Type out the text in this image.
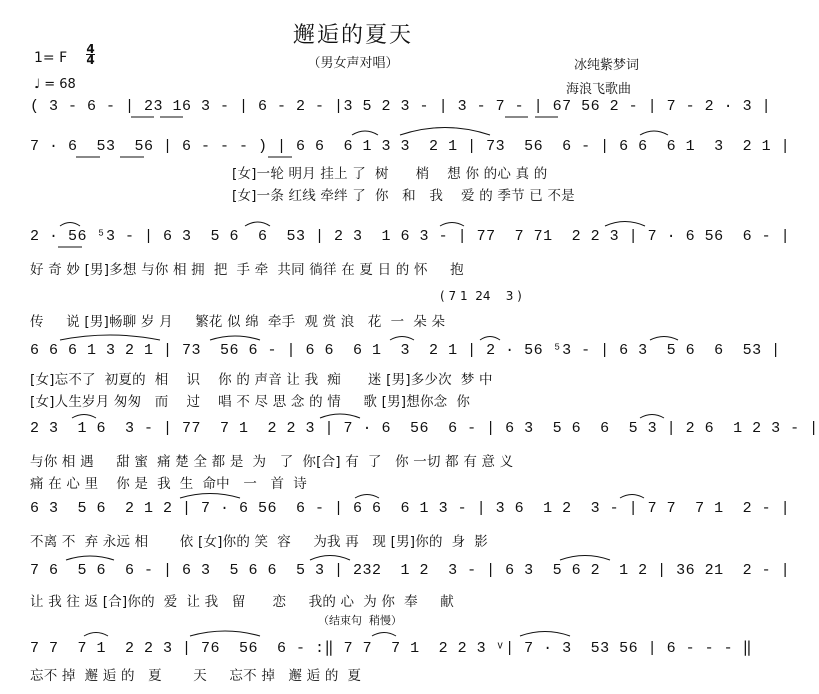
邂逅的夏天
（男女声对唱）
1= F
4
4
♩ = 68
冰纯紫梦词
海浪飞歌曲
( 3 - 6 - | 23 16 3 - | 6 - 2 - |3 5 2 3 - | 3 - 7 - | 67 56 2 - | 7 - 2 · 3 |
7 · 6  53  56 | 6 - - - ) | 6 6  6 1 3 3  2 1 | 73  56  6 - | 6 6  6 1  3  2 1 |
[女]一轮 明月 挂上 了  树      梢    想 你 的心 真 的
[女]一条 红线 牵绊 了  你   和   我    爱 的 季节 已 不是
2 · 56 ⁵3 - | 6 3  5 6  6  53 | 2 3  1 6 3 - | 77  7 71  2 2 3 | 7 · 6 56  6 - |
好 奇 妙 [男]多想 与你 相 拥  把  手 牵  共同 徜徉 在 夏 日 的 怀     抱
( 7 1  24    3 )
传     说 [男]畅聊 岁 月     繁花 似 绵  牵手  观 赏 浪   花  一  朵 朵
6 6 6 1 3 2 1 | 73  56 6 - | 6 6  6 1  3  2 1 | 2 · 56 ⁵3 - | 6 3  5 6  6  53 |
[女]忘不了  初夏的  相    识    你 的 声音 让 我  痴      迷 [男]多少次  梦 中
[女]人生岁月 匆匆   而    过    唱 不 尽 思 念 的 情     歌 [男]想你念  你
2 3  1 6  3 - | 77  7 1  2 2 3 | 7 · 6  56  6 - | 6 3  5 6  6  5 3 | 2 6  1 2 3 - |
与你 相 遇     甜 蜜  痛 楚 全 都 是  为   了  你[合] 有  了   你 一切 都 有 意 义
痛 在 心 里    你 是  我  生  命中   一   首  诗
6 3  5 6  2 1 2 | 7 · 6 56  6 - | 6 6  6 1 3 - | 3 6  1 2  3 - | 7 7  7 1  2 - |
不离 不  弃 永远 相       依 [女]你的 笑  容     为我 再   现 [男]你的  身  影
7 6  5 6  6 - | 6 3  5 6 6  5 3 | 232  1 2  3 - | 6 3  5 6 2  1 2 | 36 21  2 - |
让 我 往 返 [合]你的  爱  让 我   留      恋     我的 心  为 你  奉     献
（结束句  稍慢）
7 7  7 1  2 2 3 | 76  56  6 - :‖ 7 7  7 1  2 2 3 ᵛ| 7 · 3  53 56 | 6 - - - ‖
忘不 掉  邂 逅 的   夏       天     忘不 掉   邂 逅 的  夏
